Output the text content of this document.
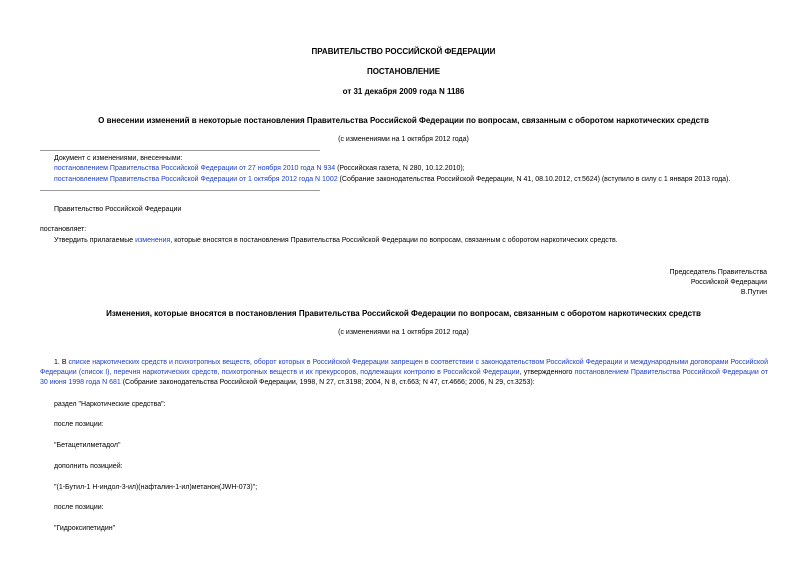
ПРАВИТЕЛЬСТВО РОССИЙСКОЙ ФЕДЕРАЦИИ
ПОСТАНОВЛЕНИЕ
от 31 декабря 2009 года N 1186
О внесении изменений в некоторые постановления Правительства Российской Федерации по вопросам, связанным с оборотом наркотических средств
(с изменениями на 1 октября 2012 года)
Документ с изменениями, внесенными:
постановлением Правительства Российской Федерации от 27 ноября 2010 года N 934 (Российская газета, N 280, 10.12.2010);
постановлением Правительства Российской Федерации от 1 октября 2012 года N 1002 (Собрание законодательства Российской Федерации, N 41, 08.10.2012, ст.5624) (вступило в силу с 1 января 2013 года).
Правительство Российской Федерации
постановляет:
Утвердить прилагаемые изменения, которые вносятся в постановления Правительства Российской Федерации по вопросам, связанным с оборотом наркотических средств.
Председатель Правительства
Российской Федерации
В.Путин
Изменения, которые вносятся в постановления Правительства Российской Федерации по вопросам, связанным с оборотом наркотических средств
(с изменениями на 1 октября 2012 года)
1. В списке наркотических средств и психотропных веществ, оборот которых в Российской Федерации запрещен в соответствии с законодательством Российской Федерации и международными договорами Российской Федерации (список I), перечня наркотических средств, психотропных веществ и их прекурсоров, подлежащих контролю в Российской Федерации, утвержденного постановлением Правительства Российской Федерации от 30 июня 1998 года N 681 (Собрание законодательства Российской Федерации, 1998, N 27, ст.3198; 2004, N 8, ст.663; N 47, ст.4666; 2006, N 29, ст.3253):
раздел "Наркотические средства":
после позиции:
"Бетацетилметадол"
дополнить позицией:
"(1-Бутил-1 Н-индол-3-ил)(нафталин-1-ил)метанон(JWH-073)";
после позиции:
"Гидроксипетидин"
